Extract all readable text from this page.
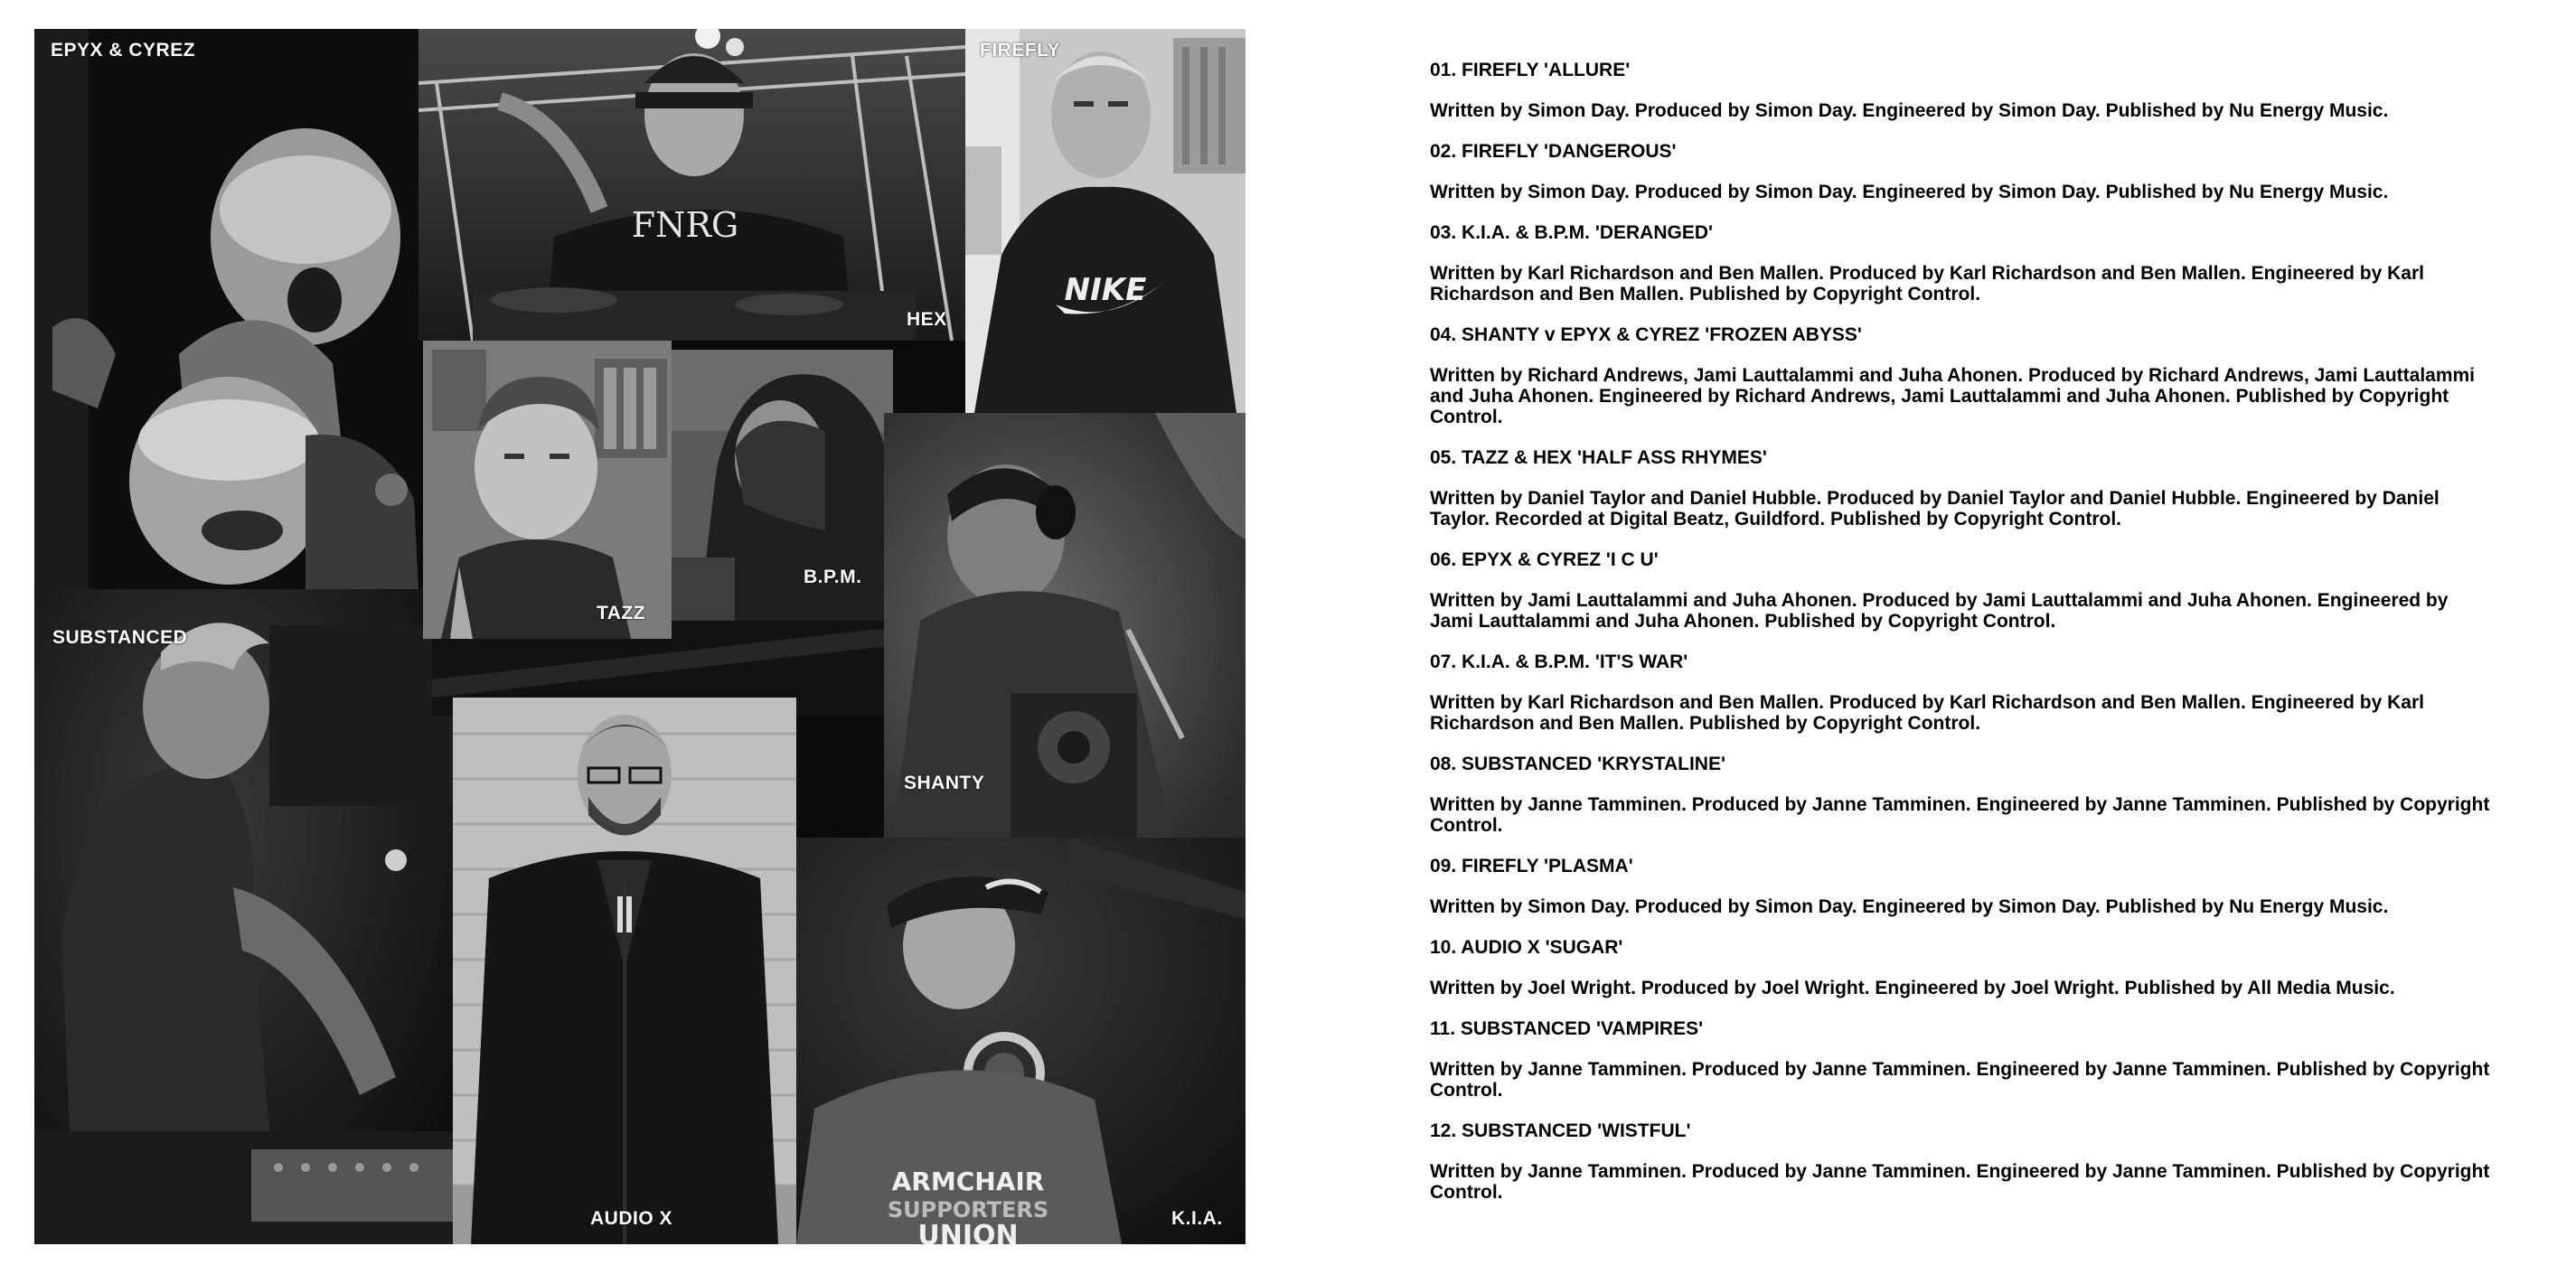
SUBSTANCED
EPYX & CYREZ
FNRG
HEX
NIKE
FIREFLY
TAZZ
B.P.M.
SHANTY
AUDIO X
ARMCHAIR
SUPPORTERS
UNION
K.I.A.

01. FIREFLY 'ALLURE'

Written by Simon Day. Produced by Simon Day. Engineered by Simon Day. Published by Nu Energy Music.

02. FIREFLY 'DANGEROUS'

Written by Simon Day. Produced by Simon Day. Engineered by Simon Day. Published by Nu Energy Music.

03. K.I.A. & B.P.M. 'DERANGED'

Written by Karl Richardson and Ben Mallen. Produced by Karl Richardson and Ben Mallen. Engineered by Karl Richardson and Ben Mallen. Published by Copyright Control.

04. SHANTY v EPYX & CYREZ 'FROZEN ABYSS'

Written by Richard Andrews, Jami Lauttalammi and Juha Ahonen. Produced by Richard Andrews, Jami Lauttalammi and Juha Ahonen. Engineered by Richard Andrews, Jami Lauttalammi and Juha Ahonen. Published by Copyright Control.

05. TAZZ & HEX 'HALF ASS RHYMES'

Written by Daniel Taylor and Daniel Hubble. Produced by Daniel Taylor and Daniel Hubble. Engineered by Daniel Taylor. Recorded at Digital Beatz, Guildford. Published by Copyright Control.

06. EPYX & CYREZ 'I C U'

Written by Jami Lauttalammi and Juha Ahonen. Produced by Jami Lauttalammi and Juha Ahonen. Engineered by Jami Lauttalammi and Juha Ahonen. Published by Copyright Control.

07. K.I.A. & B.P.M. 'IT'S WAR'

Written by Karl Richardson and Ben Mallen. Produced by Karl Richardson and Ben Mallen. Engineered by Karl Richardson and Ben Mallen. Published by Copyright Control.

08. SUBSTANCED 'KRYSTALINE'

Written by Janne Tamminen. Produced by Janne Tamminen. Engineered by Janne Tamminen. Published by Copyright Control.

09. FIREFLY 'PLASMA'

Written by Simon Day. Produced by Simon Day. Engineered by Simon Day. Published by Nu Energy Music.

10. AUDIO X 'SUGAR'

Written by Joel Wright. Produced by Joel Wright. Engineered by Joel Wright. Published by All Media Music.

11. SUBSTANCED 'VAMPIRES'

Written by Janne Tamminen. Produced by Janne Tamminen. Engineered by Janne Tamminen. Published by Copyright Control.

12. SUBSTANCED 'WISTFUL'

Written by Janne Tamminen. Produced by Janne Tamminen. Engineered by Janne Tamminen. Published by Copyright Control.
